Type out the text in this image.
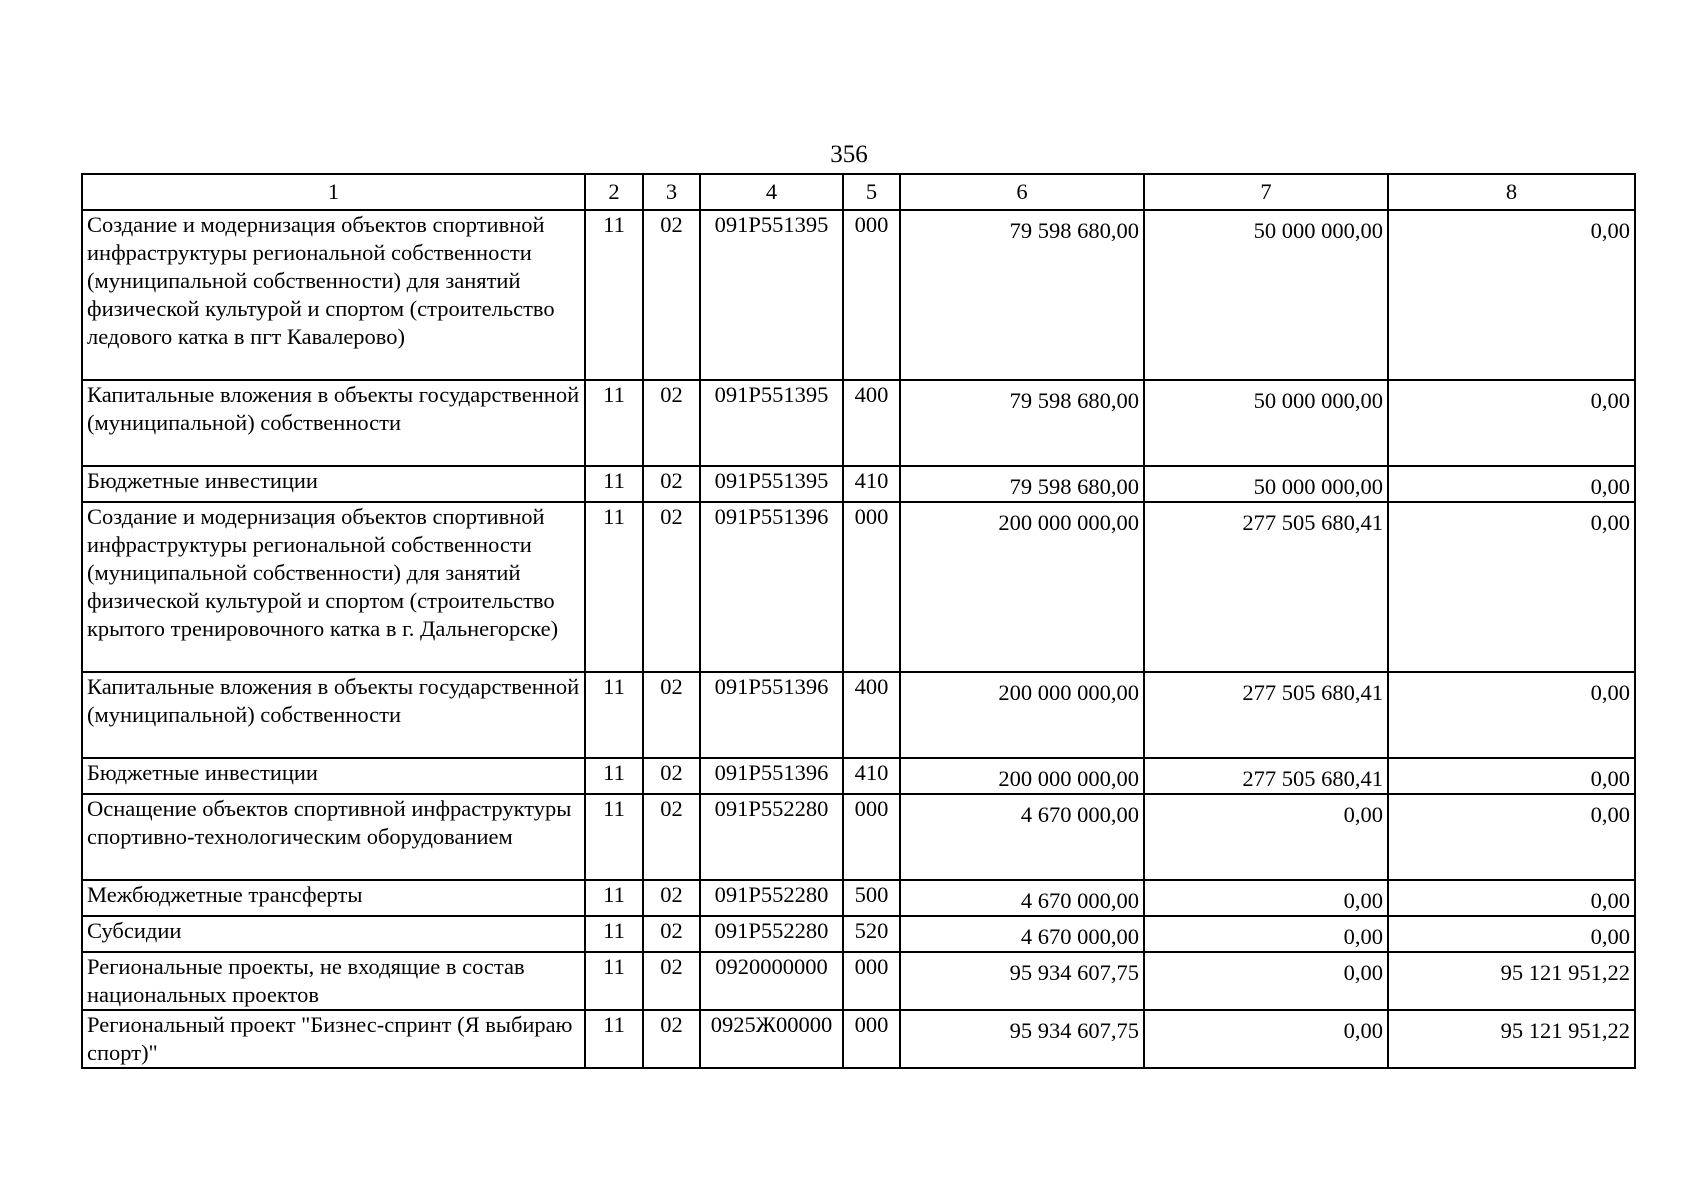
356
1	2	3	4	5	6	7	8
Создание и модернизация объектов спортивной инфраструктуры региональной собственности (муниципальной собственности) для занятий физической культурой и спортом (строительство ледового катка в пгт Кавалерово)	11	02	091P551395	000	79 598 680,00	50 000 000,00	0,00
Капитальные вложения в объекты государственной (муниципальной) собственности	11	02	091P551395	400	79 598 680,00	50 000 000,00	0,00
Бюджетные инвестиции	11	02	091P551395	410	79 598 680,00	50 000 000,00	0,00
Создание и модернизация объектов спортивной инфраструктуры региональной собственности (муниципальной собственности) для занятий физической культурой и спортом (строительство крытого тренировочного катка в г. Дальнегорске)	11	02	091P551396	000	200 000 000,00	277 505 680,41	0,00
Капитальные вложения в объекты государственной (муниципальной) собственности	11	02	091P551396	400	200 000 000,00	277 505 680,41	0,00
Бюджетные инвестиции	11	02	091P551396	410	200 000 000,00	277 505 680,41	0,00
Оснащение объектов спортивной инфраструктуры спортивно-технологическим оборудованием	11	02	091P552280	000	4 670 000,00	0,00	0,00
Межбюджетные трансферты	11	02	091P552280	500	4 670 000,00	0,00	0,00
Субсидии	11	02	091P552280	520	4 670 000,00	0,00	0,00
Региональные проекты, не входящие в состав национальных проектов	11	02	0920000000	000	95 934 607,75	0,00	95 121 951,22
Региональный проект "Бизнес-спринт (Я выбираю спорт)"	11	02	0925Ж00000	000	95 934 607,75	0,00	95 121 951,22
